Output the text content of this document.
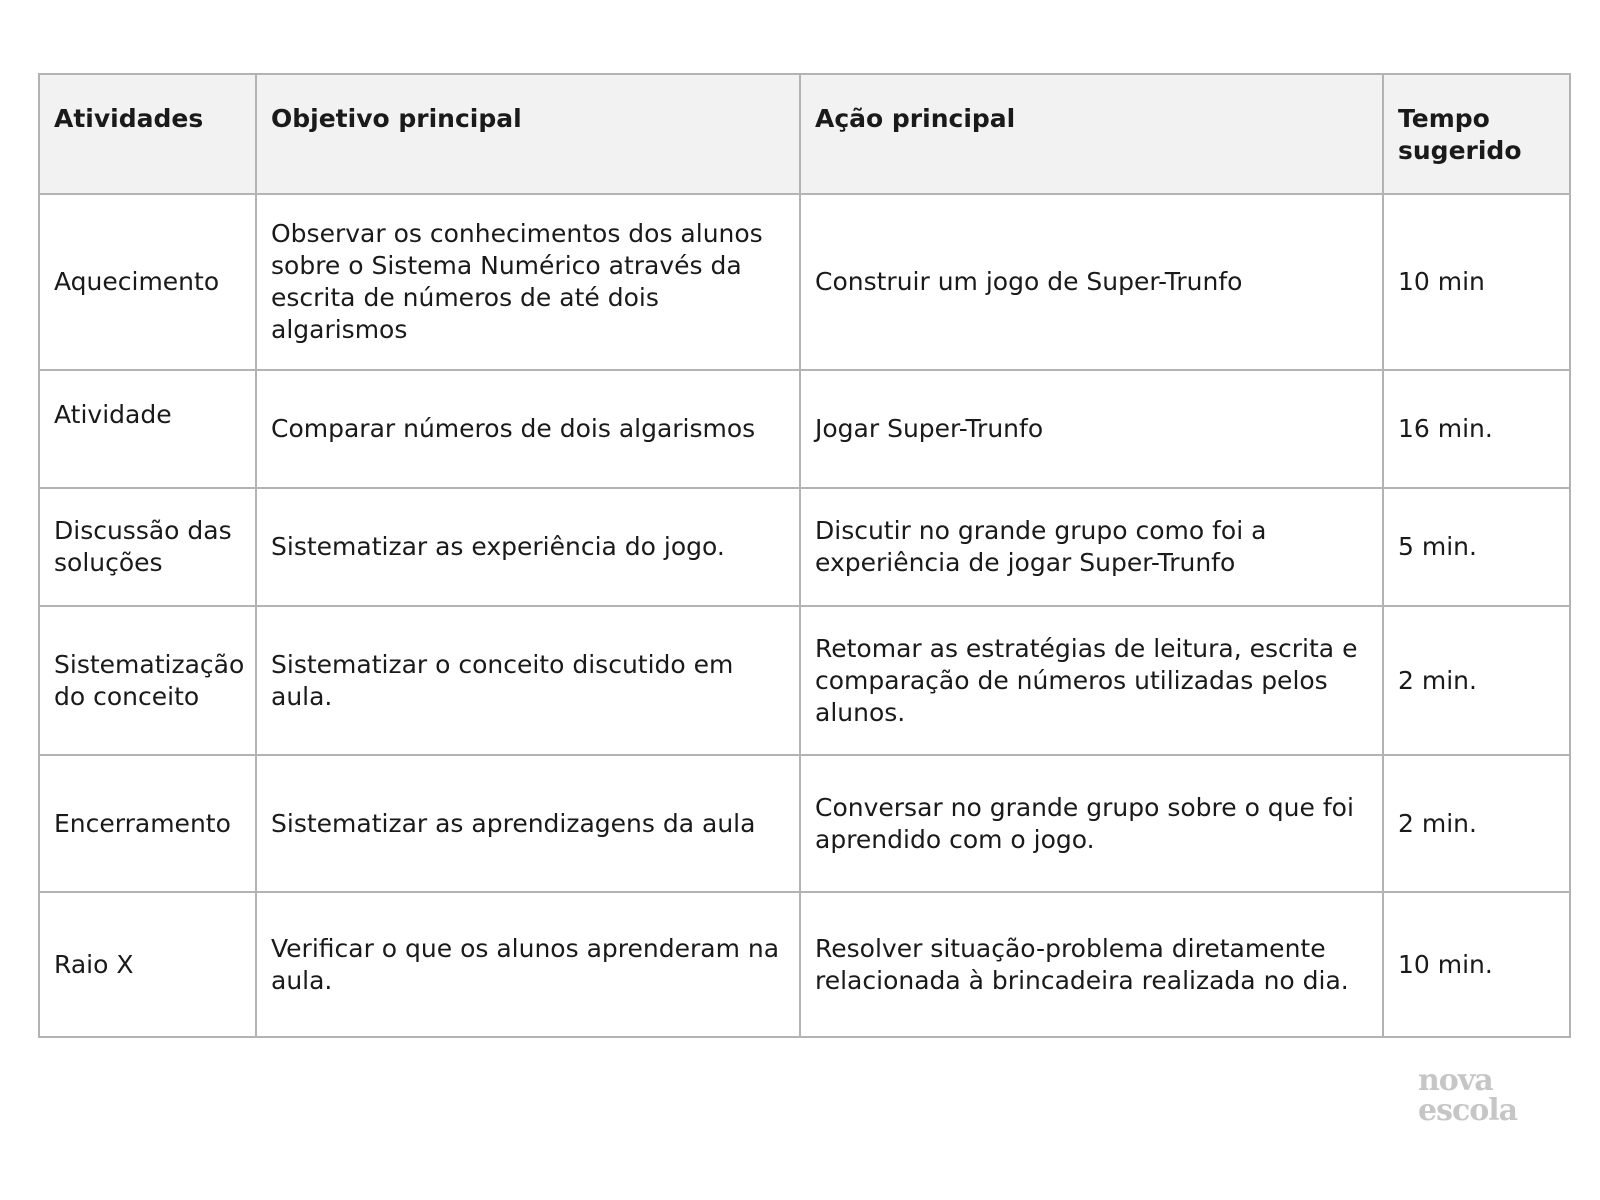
Atividades	Objetivo principal	Ação principal	Tempo sugerido
Aquecimento	Observar os conhecimentos dos alunos sobre o Sistema Numérico através da escrita de números de até dois algarismos	Construir um jogo de Super-Trunfo	10 min
Atividade	Comparar números de dois algarismos	Jogar Super-Trunfo	16 min.
Discussão das soluções	Sistematizar as experiência do jogo.	Discutir no grande grupo como foi a experiência de jogar Super-Trunfo	5 min.
Sistematização do conceito	Sistematizar o conceito discutido em aula.	Retomar as estratégias de leitura, escrita e comparação de números utilizadas pelos alunos.	2 min.
Encerramento	Sistematizar as aprendizagens da aula	Conversar no grande grupo sobre o que foi aprendido com o jogo.	2 min.
Raio X	Verificar o que os alunos aprenderam na aula.	Resolver situação-problema diretamente relacionada à brincadeira realizada no dia.	10 min.
nova
escola
